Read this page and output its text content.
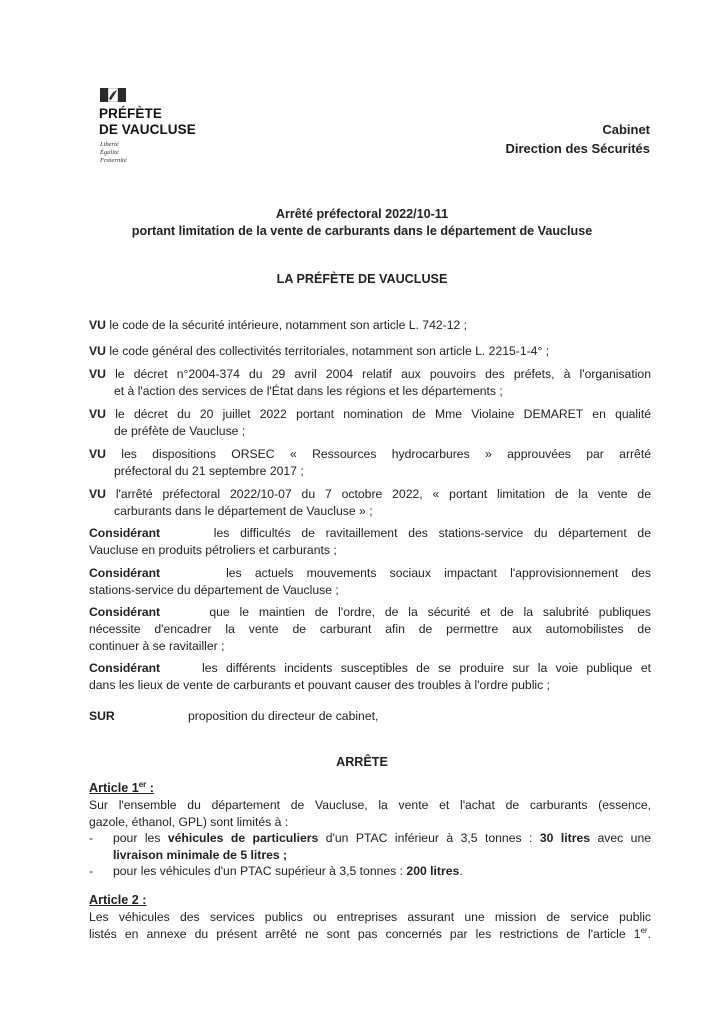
PRÉFÈTE
DE VAUCLUSE
Liberté
Égalité
Fraternité
Cabinet
Direction des Sécurités
Arrêté préfectoral 2022/10-11
portant limitation de la vente de carburants dans le département de Vaucluse
LA PRÉFÈTE DE VAUCLUSE
VU le code de la sécurité intérieure, notamment son article L. 742-12 ;
VU le code général des collectivités territoriales, notamment son article L. 2215-1-4° ;
VU le décret n°2004-374 du 29 avril 2004 relatif aux pouvoirs des préfets, à l'organisation
et à l'action des services de l'État dans les régions et les départements ;
VU le décret du 20 juillet 2022 portant nomination de Mme Violaine DEMARET en qualité
de préfète de Vaucluse ;
VU les dispositions ORSEC « Ressources hydrocarbures » approuvées par arrêté
préfectoral du 21 septembre 2017 ;
VU l'arrêté préfectoral 2022/10-07 du 7 octobre 2022, « portant limitation de la vente de
carburants dans le département de Vaucluse » ;
Considérant	les difficultés de ravitaillement des stations-service du département de
Vaucluse en produits pétroliers et carburants ;
Considérant	les actuels mouvements sociaux impactant l'approvisionnement des
stations-service du département de Vaucluse ;
Considérant	que le maintien de l'ordre, de la sécurité et de la salubrité publiques
nécessite d'encadrer la vente de carburant afin de permettre aux automobilistes de
continuer à se ravitailler ;
Considérant	les différents incidents susceptibles de se produire sur la voie publique et
dans les lieux de vente de carburants et pouvant causer des troubles à l'ordre public ;
SUR	proposition du directeur de cabinet,
ARRÊTE
Article 1er :
Sur l'ensemble du département de Vaucluse, la vente et l'achat de carburants (essence,
gazole, éthanol, GPL) sont limités à :
- pour les véhicules de particuliers d'un PTAC inférieur à 3,5 tonnes : 30 litres avec une
livraison minimale de 5 litres ;
- pour les véhicules d'un PTAC supérieur à 3,5 tonnes : 200 litres.
Article 2 :
Les véhicules des services publics ou entreprises assurant une mission de service public
listés en annexe du présent arrêté ne sont pas concernés par les restrictions de l'article 1er.
